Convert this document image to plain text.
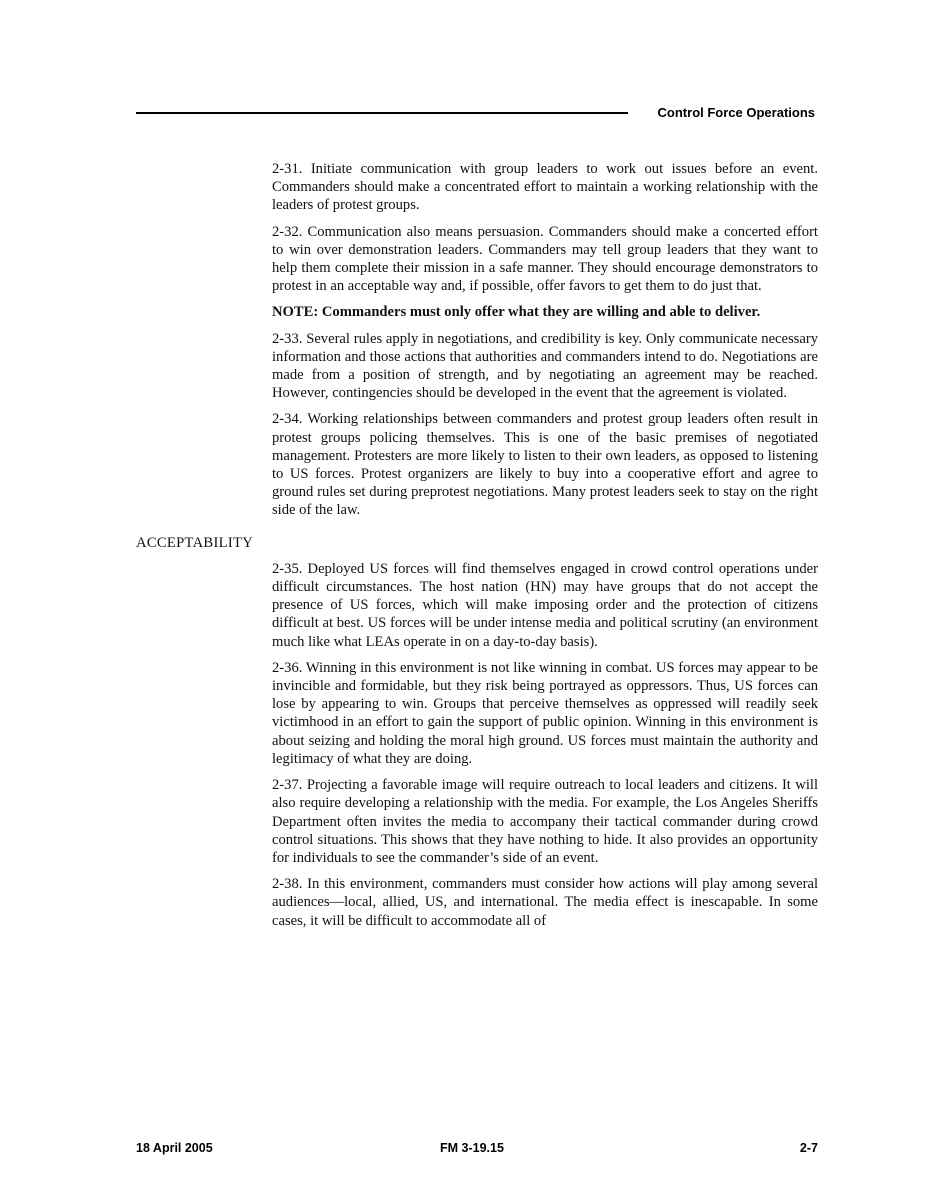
Control Force Operations

2-31. Initiate communication with group leaders to work out issues before an event. Commanders should make a concentrated effort to maintain a working relationship with the leaders of protest groups.

2-32. Communication also means persuasion. Commanders should make a concerted effort to win over demonstration leaders. Commanders may tell group leaders that they want to help them complete their mission in a safe manner. They should encourage demonstrators to protest in an acceptable way and, if possible, offer favors to get them to do just that.

NOTE: Commanders must only offer what they are willing and able to deliver.

2-33. Several rules apply in negotiations, and credibility is key. Only communicate necessary information and those actions that authorities and commanders intend to do. Negotiations are made from a position of strength, and by negotiating an agreement may be reached. However, contingencies should be developed in the event that the agreement is violated.

2-34. Working relationships between commanders and protest group leaders often result in protest groups policing themselves. This is one of the basic premises of negotiated management. Protesters are more likely to listen to their own leaders, as opposed to listening to US forces. Protest organizers are likely to buy into a cooperative effort and agree to ground rules set during preprotest negotiations. Many protest leaders seek to stay on the right side of the law.

ACCEPTABILITY

2-35. Deployed US forces will find themselves engaged in crowd control operations under difficult circumstances. The host nation (HN) may have groups that do not accept the presence of US forces, which will make imposing order and the protection of citizens difficult at best. US forces will be under intense media and political scrutiny (an environment much like what LEAs operate in on a day-to-day basis).

2-36. Winning in this environment is not like winning in combat. US forces may appear to be invincible and formidable, but they risk being portrayed as oppressors. Thus, US forces can lose by appearing to win. Groups that perceive themselves as oppressed will readily seek victimhood in an effort to gain the support of public opinion. Winning in this environment is about seizing and holding the moral high ground. US forces must maintain the authority and legitimacy of what they are doing.

2-37. Projecting a favorable image will require outreach to local leaders and citizens. It will also require developing a relationship with the media. For example, the Los Angeles Sheriffs Department often invites the media to accompany their tactical commander during crowd control situations. This shows that they have nothing to hide. It also provides an opportunity for individuals to see the commander’s side of an event.

2-38. In this environment, commanders must consider how actions will play among several audiences—local, allied, US, and international. The media effect is inescapable. In some cases, it will be difficult to accommodate all of

18 April 2005	FM 3-19.15	2-7
